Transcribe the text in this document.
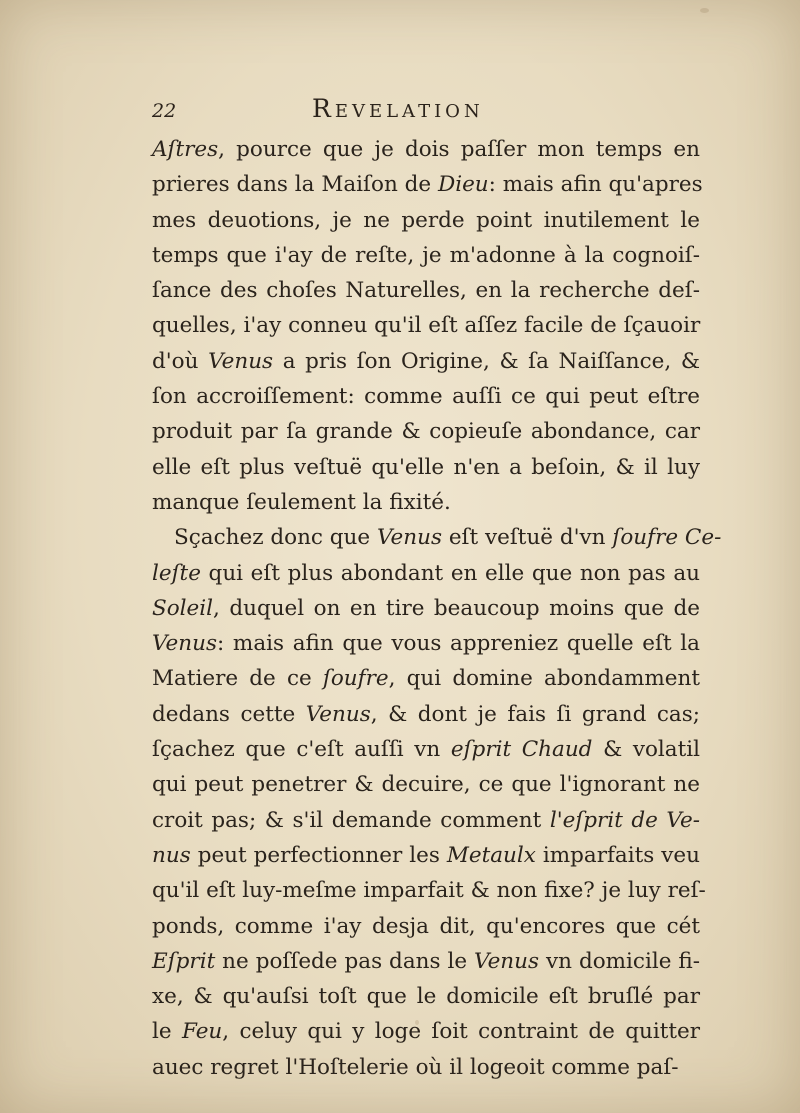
22	Revelation
Aſtres, pource que je dois paſſer mon temps en
prieres dans la Maiſon de Dieu: mais afin qu'apres
mes deuotions, je ne perde point inutilement le
temps que i'ay de reſte, je m'adonne à la cognoiſ-
ſance des choſes Naturelles, en la recherche deſ-
quelles, i'ay conneu qu'il eſt aſſez facile de ſçauoir
d'où Venus a pris ſon Origine, & ſa Naiſſance, &
ſon accroiſſement: comme auſſi ce qui peut eſtre
produit par ſa grande & copieuſe abondance, car
elle eſt plus veſtuë qu'elle n'en a beſoin, & il luy
manque ſeulement la fixité.
Sçachez donc que Venus eſt veſtuë d'vn ſoufre Ce-
leſte qui eſt plus abondant en elle que non pas au
Soleil, duquel on en tire beaucoup moins que de
Venus: mais afin que vous appreniez quelle eſt la
Matiere de ce ſoufre, qui domine abondamment
dedans cette Venus, & dont je fais ſi grand cas;
ſçachez que c'eſt auſſi vn eſprit Chaud & volatil
qui peut penetrer & decuire, ce que l'ignorant ne
croit pas; & s'il demande comment l'eſprit de Ve-
nus peut perfectionner les Metaulx imparfaits veu
qu'il eſt luy-meſme imparfait & non fixe? je luy reſ-
ponds, comme i'ay desja dit, qu'encores que cét
Eſprit ne poſſede pas dans le Venus vn domicile fi-
xe, & qu'auſsi toſt que le domicile eſt bruſlé par
le Feu, celuy qui y loge ſoit contraint de quitter
auec regret l'Hoſtelerie où il logeoit comme paſ-
